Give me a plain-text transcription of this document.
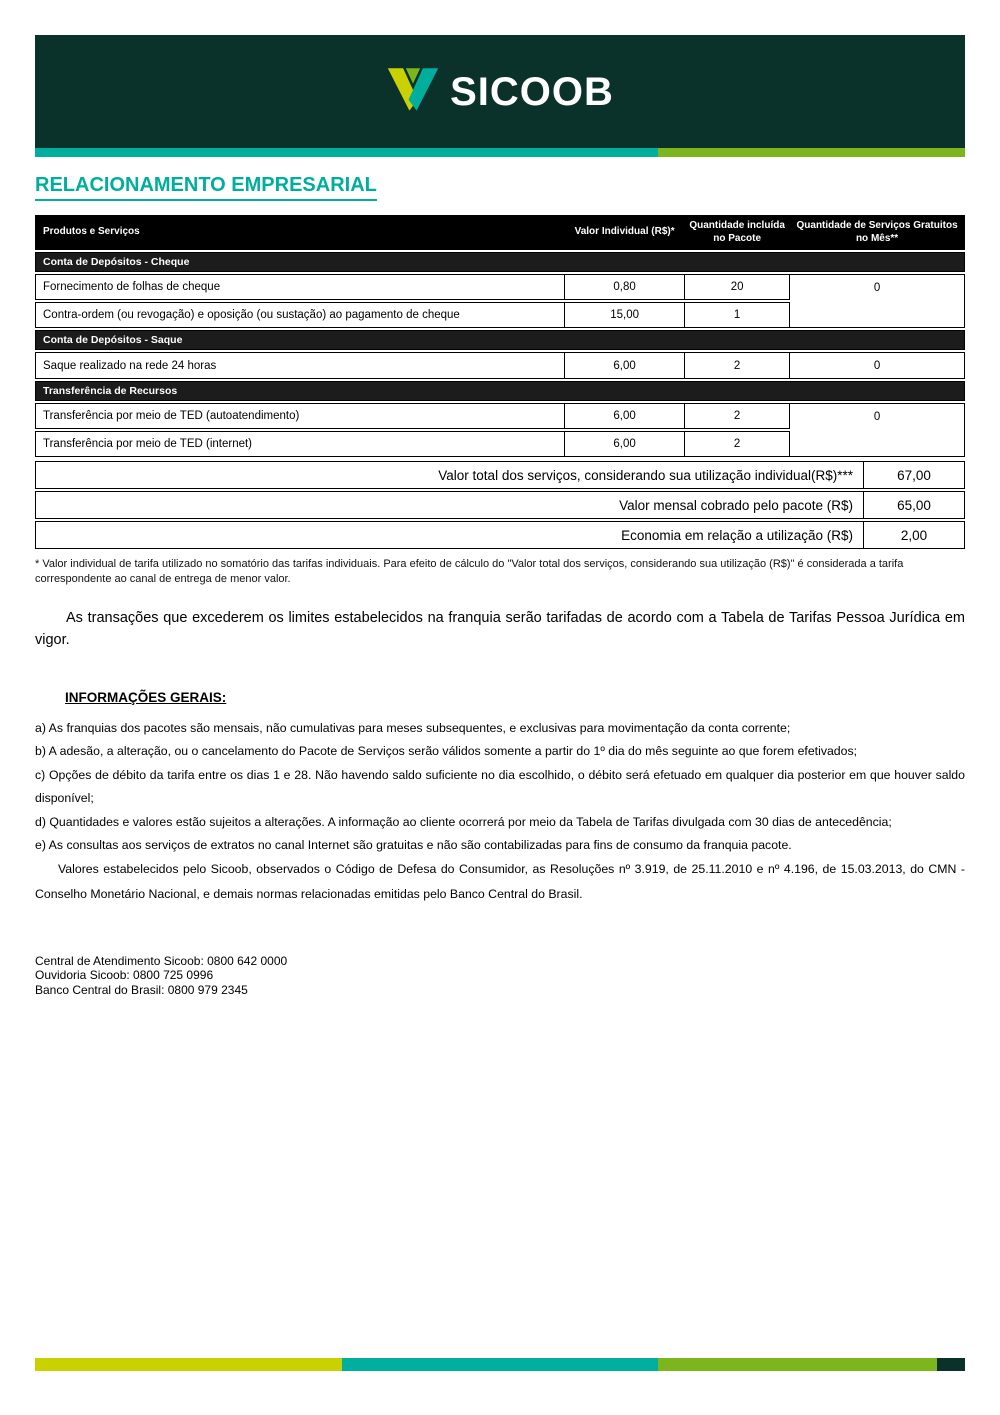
SICOOB
RELACIONAMENTO EMPRESARIAL
Produtos e Serviços	Valor Individual (R$)*	Quantidade incluída no Pacote	Quantidade de Serviços Gratuitos no Mês**
Conta de Depósitos - Cheque			
Fornecimento de folhas de cheque	0,80	20	0
Contra-ordem (ou revogação) e oposição (ou sustação) ao pagamento de cheque	15,00	1	
Conta de Depósitos - Saque			
Saque realizado na rede 24 horas	6,00	2	0
Transferência de Recursos			
Transferência por meio de TED (autoatendimento)	6,00	2	0
Transferência por meio de TED (internet)	6,00	2	
Valor total dos serviços, considerando sua utilização individual(R$)***	67,00
Valor mensal cobrado pelo pacote (R$)	65,00
Economia em relação a utilização (R$)	2,00

* Valor individual de tarifa utilizado no somatório das tarifas individuais. Para efeito de cálculo do "Valor total dos serviços, considerando sua utilização (R$)" é considerada a tarifa correspondente ao canal de entrega de menor valor.

As transações que excederem os limites estabelecidos na franquia serão tarifadas de acordo com a Tabela de Tarifas Pessoa Jurídica em vigor.

INFORMAÇÕES GERAIS:

a) As franquias dos pacotes são mensais, não cumulativas para meses subsequentes, e exclusivas para movimentação da conta corrente;

b) A adesão, a alteração, ou o cancelamento do Pacote de Serviços serão válidos somente a partir do 1º dia do mês seguinte ao que forem efetivados;

c) Opções de débito da tarifa entre os dias 1 e 28. Não havendo saldo suficiente no dia escolhido, o débito será efetuado em qualquer dia posterior em que houver saldo disponível;

d) Quantidades e valores estão sujeitos a alterações. A informação ao cliente ocorrerá por meio da Tabela de Tarifas divulgada com 30 dias de antecedência;

e) As consultas aos serviços de extratos no canal Internet são gratuitas e não são contabilizadas para fins de consumo da franquia pacote.

Valores estabelecidos pelo Sicoob, observados o Código de Defesa do Consumidor, as Resoluções nº 3.919, de 25.11.2010 e nº 4.196, de 15.03.2013, do CMN - Conselho Monetário Nacional, e demais normas relacionadas emitidas pelo Banco Central do Brasil.

Central de Atendimento Sicoob: 0800 642 0000
Ouvidoria Sicoob: 0800 725 0996
Banco Central do Brasil: 0800 979 2345
